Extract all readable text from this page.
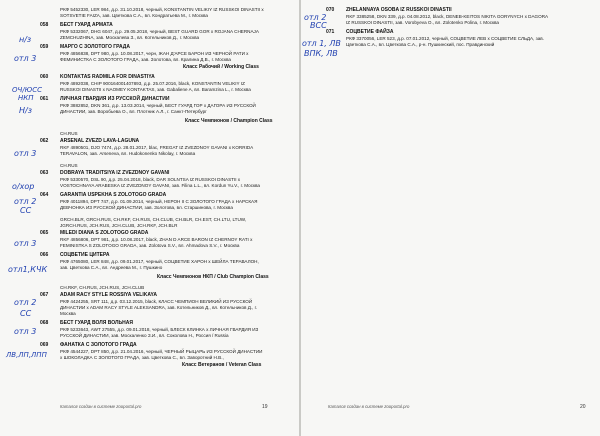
РКФ 5452330, LER 984, д.р. 31.10.2018, черный, KONSTANTIN VELIKIY IZ RUSSKOI DINASTII x
SOTSVETIE FAIZA, зав. Цветкова С.А., вл. Кондратьева М., г. Москва
058 БЕСТ ГУАРД АРМАТА
РКФ 5332067, DHG 6047, д.р. 29.05.2018, черный, BEST GUARD GOR x ROJANA CHERNAJA
ZEMCHUZHINA, зав. Москалева З., вл. Котельников Д., г. Москва
н/з
059 МАРГО С ЗОЛОТОГО ГРАДА
РКФ 4856838, DPT 980, д.р. 10.08.2017, черн, ЖАН Д'АРСЕ БАРОН ИЗ ЧЕРНОЙ РАТИ х
ФЕМИНИСТКА С ЗОЛОТОГО ГРАДА, зав. Золотова, вл. Кралина Д.В., г. Москва
отл 3
Класс Рабочий / Working Class
060 KONTAKTAS RADMILA FOR DINASTIYA
РКФ 4892038, CHIP 900164001407893, д.р. 25.07.2016, black, KONSTANTIN VELIKIY IZ
RUSSKOI DINASTII x NAOMEY KONTAKTAS, зав. Gabaliene A, вл. Baramzina L., г. Москва
ОЧ/ЮСС
НКП 061 ЛИЧНАЯ ГВАРДИЯ ИЗ РУССКОЙ ДИНАСТИИ
РКФ 3882852, DKN 361, д.р. 13.03.2014, черный, БЕСТ ГУАРД ГОР х ДАГОРА ИЗ РУССКОЙ
ДИНАСТИИ, зав. Воробьева О., вл. Плотник А.Л., г. Санкт-Петербург
Н/з
Класс Чемпионов / Champion Class
CH.RUS
062 ARSENAL ZVEZD LAVA-LAGUNA
RKF 4890501, DJO 7474, д.р. 28.01.2017, blac, FREGAT IZ ZVEZDNOY GAVANI x KORRIDA
TERAVALON, зав. Arseneva, вл. Hudokonenko Nikolay, г. Москва
отл 3
CH.RUS
063 DOBRAYA TRADITSIYA IZ ZVEZDNOY GAVANI
РКФ 5330570, DSL 90, д.р. 25.04.2018, black, DAR SOLNTSA IZ RUSSKOI DINASTII x
VOSTOCHNAYA ARABESKA IZ ZVEZDNOY GAVANI, зав. Filina L.L., вл. Kordun Yu.V., г. Москва
о/хор
064 GARANTIA USPEKHA S ZOLOTOGO GRADA
РКФ 4011894, DPT 747, д.р. 01.09.2014, черный, НЕРОН II С ЗОЛОТОГО ГРАДА х НАРСКАЯ
ДЕВЧОНКА ИЗ РУССКОЙ ДИНАСТИИ, зав. Золотова, вл. Старшинова, г. Москва
отл 2
СС
GRCH.BLR, GRCH.RUS, CH.RKF, CH.RUS, CH.CLUB, CH.BLR, CH.EST, CH.LTU, LTUW,
JGRCH.RUS, JCH.RUS, JCH.CLUB, JCH.RKF, JCH.BLR
065 MILEDI DIANA S ZOLOTOGO GRADA
RKF 4856806, DPT 981, д.р. 10.08.2017, black, ZHAN D ARCE BARON IZ CHERNOY RATI x
FEMINISTKA S ZOLOTOGO GRADA, зав. Zolotova S.V., вл. Ahmadova S.V., г. Москва
отл 3
066 СОЦВЕТИЕ ЦИТЕРА
РКФ 4765080, LER 848, д.р. 09.01.2017, черный, СОЦВЕТИЕ ХАРОН х ШЕЙЛА ТЕРАВАЛОН,
зав. Цветкова С.А., вл. Андреева М., г. Пушкино
отл1,КЧК
Класс Чемпионов НКП / Club Champion Class
CH.RKF, CH.RUS, JCH.RUS, JCH.CLUB
067 ADAM RACY STYLE ROSSIYA VELIKAYA
РКФ 4424255, SRT 111, д.р. 03.12.2015, black, КЛАСС ЧЕМПИОН ВЕЛИКИЙ ИЗ РУССКОЙ
ДИНАСТИИ x ADAM RACY STYLE ALEKSANDRA, зав. Котельников Д., вл. Котельников Д., г.
Москва
отл 2
СС
068 БЕСТ ГУАРД ВОЛЯ ВОЛЬНАЯ
РКФ 5233643, AWT 27555, д.р. 09.01.2018, черный, БЛЕСК КЛИНКА х ЛИЧНАЯ ГВАРДИЯ ИЗ
РУССКОЙ ДИНАСТИИ, зав. Москаленко З.И., вл. Соколова Н., Россия / Russia
отл 3
069 ФАНАТКА С ЗОЛОТОГО ГРАДА
РКФ 4544227, DPT 850, д.р. 21.04.2016, черный, ЧЕРНЫЙ РЫЦАРЬ ИЗ РУССКОЙ ДИНАСТИИ
х ШОКОЛАДКА С ЗОЛОТОГО ГРАДА, зав. Цветкова С., вл. Заворотний Н.В.,
ЛВ,ЛП,ЛПП
Класс Ветеранов / Veteran Class
Каталог создан в системе zooportal.pro	19
070 ZHELANNAYA OSOBA IZ RUSSKOI DINASTII
RKF 3385258, DKN 339, д.р. 04.08.2012, black, DENEB-KEITOS NIKITA GORYNYCH x DAGORA
IZ RUSSKOI DINASTII, зав. Vorobyeva O., вл. Zolotenko Polina, г. Москва
отл 2
ВСС
071 СОЦВЕТИЕ ФАЙЗА
РКФ 3370056, LER 523, д.р. 07.01.2012, черный, СОЦВЕТИЕ ЛЕВ х СОЦВЕТИЕ СЛЬДА, зав.
Цветкова С.А., вл. Цветкова С.А., р-н. Пушкинский, пос. Правдинский
отл 1, ЛВ
ВПК, ЛВ
Каталог создан в системе zooportal.pro	20
